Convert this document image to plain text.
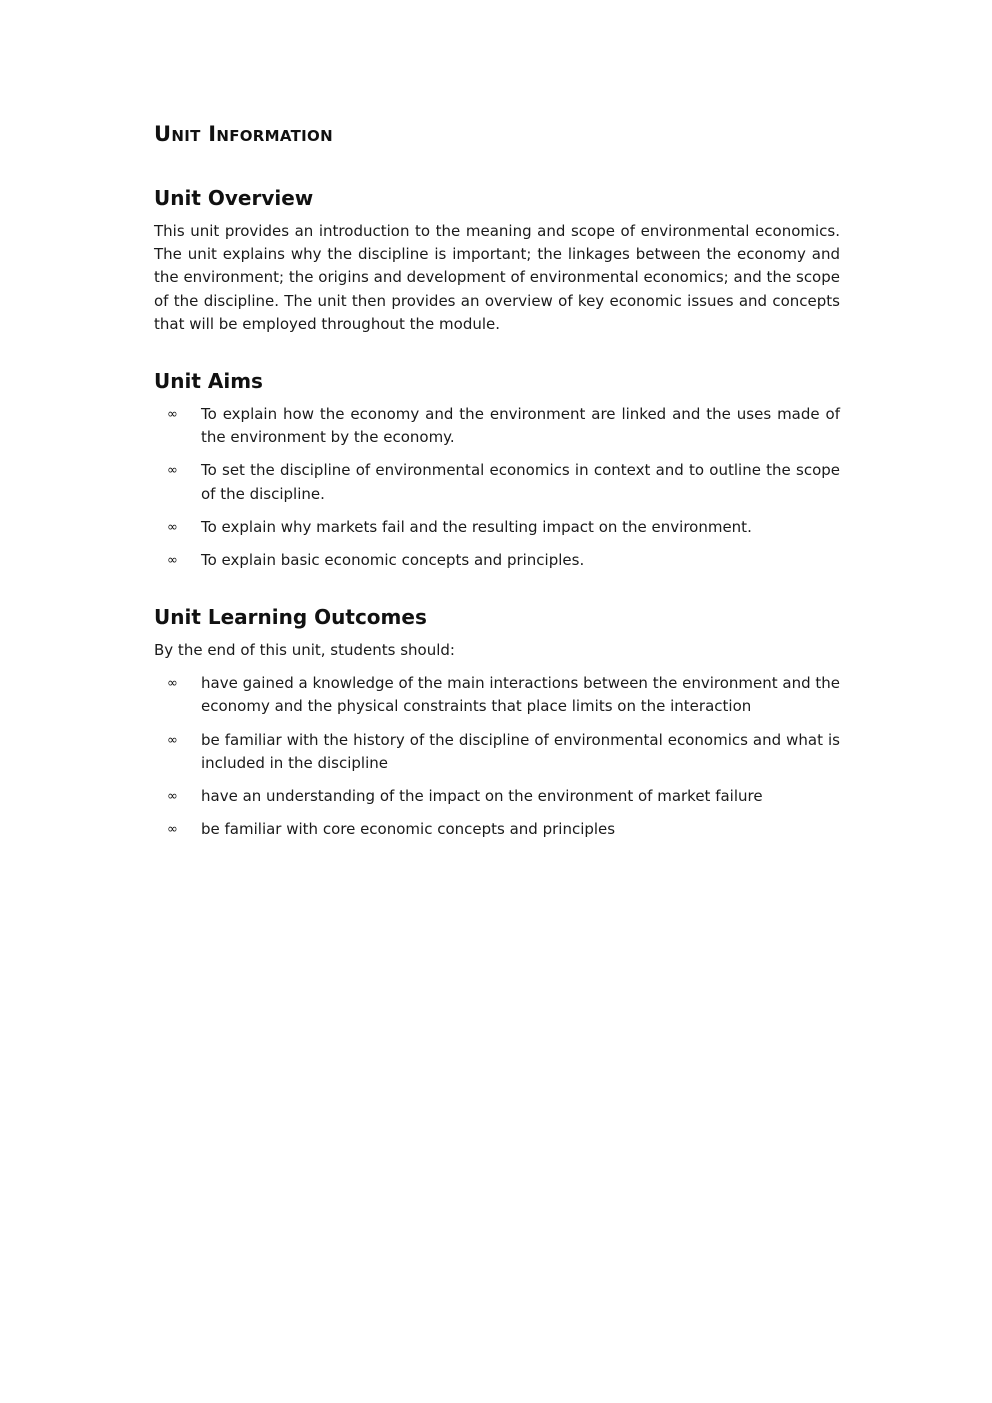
Unit Information
Unit Overview

This unit provides an introduction to the meaning and scope of environmental economics. The unit explains why the discipline is important; the linkages between the economy and the environment; the origins and development of environmental economics; and the scope of the discipline. The unit then provides an overview of key economic issues and concepts that will be employed throughout the module.

Unit Aims
∞ To explain how the economy and the environment are linked and the uses made of the environment by the economy.
∞ To set the discipline of environmental economics in context and to outline the scope of the discipline.
∞ To explain why markets fail and the resulting impact on the environment.
∞ To explain basic economic concepts and principles.
Unit Learning Outcomes

By the end of this unit, students should:

∞ have gained a knowledge of the main interactions between the environment and the economy and the physical constraints that place limits on the interaction
∞ be familiar with the history of the discipline of environmental economics and what is included in the discipline
∞ have an understanding of the impact on the environment of market failure
∞ be familiar with core economic concepts and principles
